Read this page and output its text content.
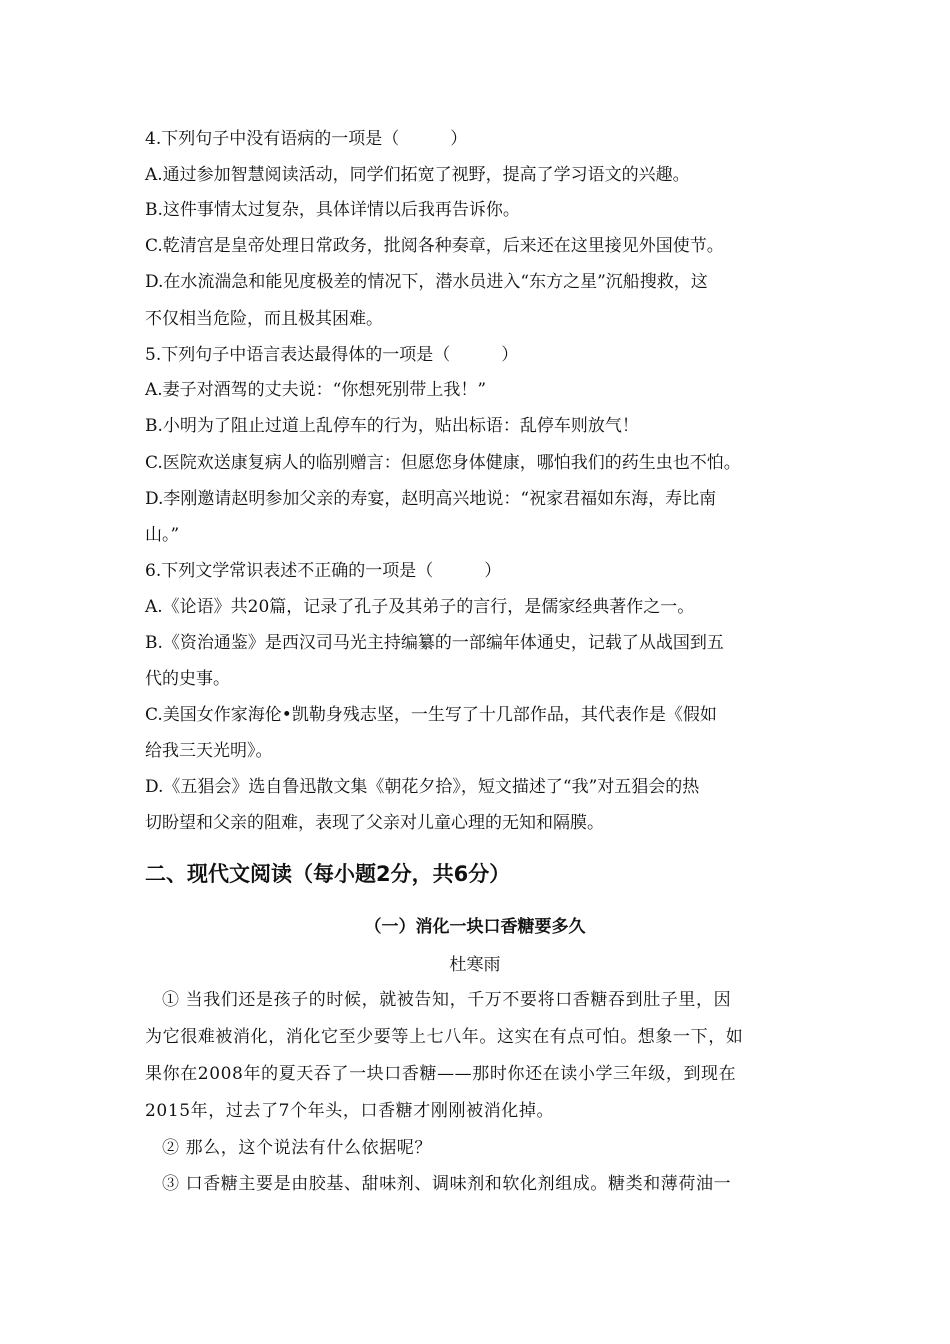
4.下列句子中没有语病的一项是（　　　）
A.通过参加智慧阅读活动，同学们拓宽了视野，提高了学习语文的兴趣。
B.这件事情太过复杂，具体详情以后我再告诉你。
C.乾清宫是皇帝处理日常政务，批阅各种奏章，后来还在这里接见外国使节。
D.在水流湍急和能见度极差的情况下，潜水员进入“东方之星”沉船搜救，这
不仅相当危险，而且极其困难。
5.下列句子中语言表达最得体的一项是（　　　）
A.妻子对酒驾的丈夫说：“你想死别带上我！”
B.小明为了阻止过道上乱停车的行为，贴出标语：乱停车则放气！
C.医院欢送康复病人的临别赠言：但愿您身体健康，哪怕我们的药生虫也不怕。
D.李刚邀请赵明参加父亲的寿宴，赵明高兴地说：“祝家君福如东海，寿比南
山。”
6.下列文学常识表述不正确的一项是（　　　）
A.《论语》共20篇，记录了孔子及其弟子的言行，是儒家经典著作之一。
B.《资治通鉴》是西汉司马光主持编纂的一部编年体通史，记载了从战国到五
代的史事。
C.美国女作家海伦•凯勒身残志坚，一生写了十几部作品，其代表作是《假如
给我三天光明》。
D.《五猖会》选自鲁迅散文集《朝花夕拾》，短文描述了“我”对五猖会的热
切盼望和父亲的阻难，表现了父亲对儿童心理的无知和隔膜。
二、现代文阅读（每小题2分，共6分）
（一）消化一块口香糖要多久
杜寒雨
① 当我们还是孩子的时候，就被告知，千万不要将口香糖吞到肚子里，因
为它很难被消化，消化它至少要等上七八年。这实在有点可怕。想象一下，如
果你在2008年的夏天吞了一块口香糖——那时你还在读小学三年级，到现在
2015年，过去了7个年头，口香糖才刚刚被消化掉。
② 那么，这个说法有什么依据呢？
③ 口香糖主要是由胶基、甜味剂、调味剂和软化剂组成。糖类和薄荷油一
